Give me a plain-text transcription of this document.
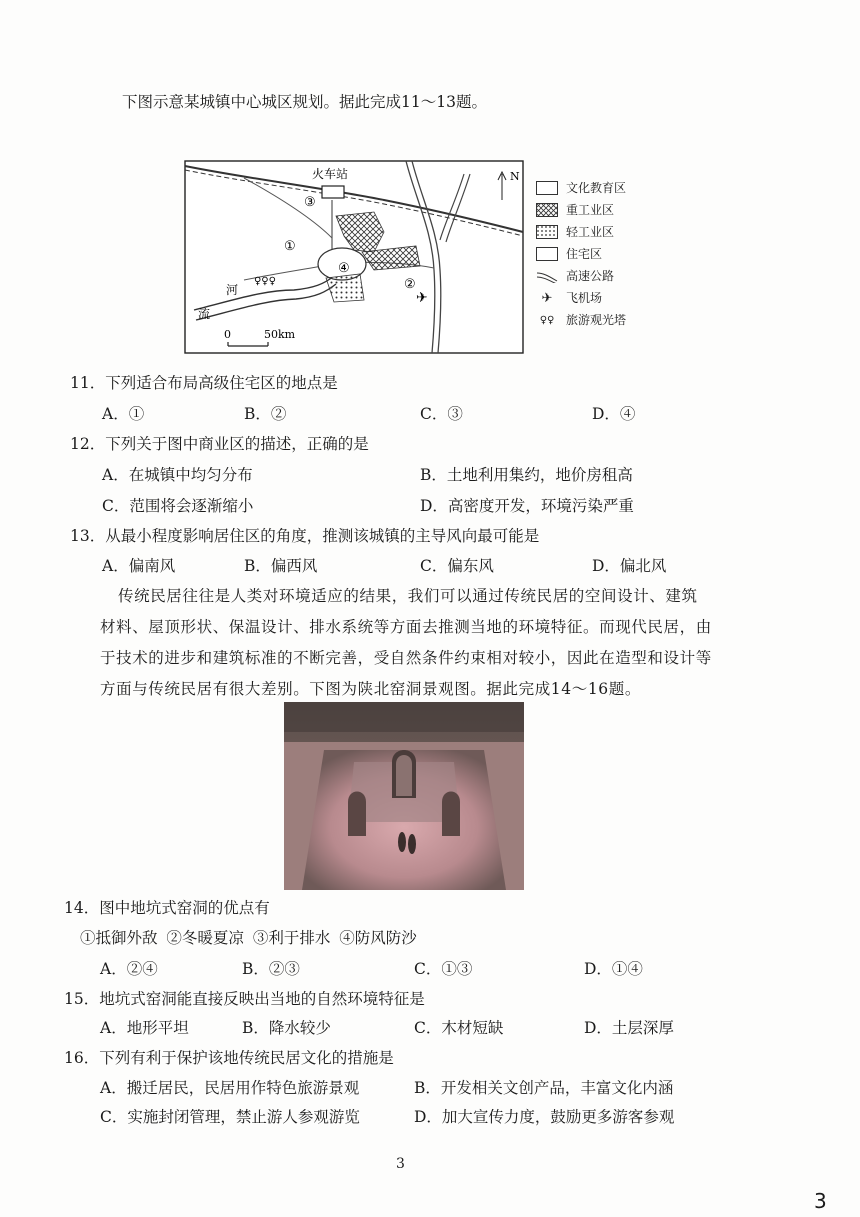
下图示意某城镇中心城区规划。据此完成11～13题。
火车站	N
③
①
④
②
✈
♀♀♀
河
流
0	50km
文化教育区
重工业区
轻工业区
住宅区
高速公路
✈	飞机场
♀♀ 旅游观光塔
11．下列适合布局高级住宅区的地点是
A．①	B．②	C．③	D．④
12．下列关于图中商业区的描述，正确的是
A．在城镇中均匀分布	B．土地利用集约，地价房租高
C．范围将会逐渐缩小	D．高密度开发，环境污染严重
13．从最小程度影响居住区的角度，推测该城镇的主导风向最可能是
A．偏南风	B．偏西风	C．偏东风	D．偏北风
传统民居往往是人类对环境适应的结果，我们可以通过传统民居的空间设计、建筑
材料、屋顶形状、保温设计、排水系统等方面去推测当地的环境特征。而现代民居，由
于技术的进步和建筑标准的不断完善，受自然条件约束相对较小，因此在造型和设计等
方面与传统民居有很大差别。下图为陕北窑洞景观图。据此完成14～16题。
14．图中地坑式窑洞的优点有
①抵御外敌 ②冬暖夏凉 ③利于排水 ④防风防沙
A．②④	B．②③	C．①③	D．①④
15．地坑式窑洞能直接反映出当地的自然环境特征是
A．地形平坦	B．降水较少	C．木材短缺	D．土层深厚
16．下列有利于保护该地传统民居文化的措施是
A．搬迁居民，民居用作特色旅游景观	B．开发相关文创产品，丰富文化内涵
C．实施封闭管理，禁止游人参观游览	D．加大宣传力度，鼓励更多游客参观
3
3
